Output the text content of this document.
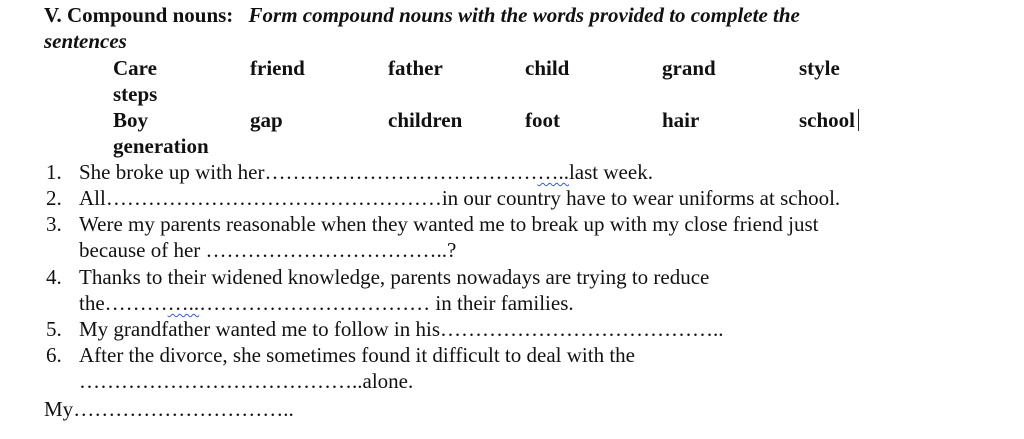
V. Compound nouns: Form compound nouns with the words provided to complete the
sentences
Care	friend	father	child	grand	style
steps
Boy	gap	children	foot	hair	school
generation
1. She broke up with her……………………………………..last week.
2. All…………………………………………in our country have to wear uniforms at school.
3. Were my parents reasonable when they wanted me to break up with my close friend just
because of her ……………………………..?
4. Thanks to their widened knowledge, parents nowadays are trying to reduce
the…………..…………………………… in their families.
5. My grandfather wanted me to follow in his…………………………………..
6. After the divorce, she sometimes found it difficult to deal with the
…………………………………..alone.
My…………………………..
